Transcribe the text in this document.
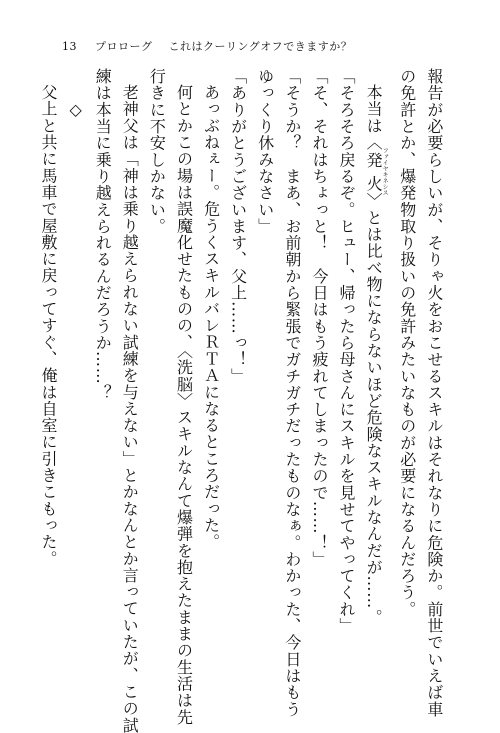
13 プロローグ これはクーリングオフできますか？
報告が必要らしいが、そりゃ火をおこせるスキルはそれなりに危険か。前世でいえば車
の免許とか、爆発物取り扱いの免許みたいなものが必要になるんだろう。
本当は〈発火ファイヤキネシス〉とは比べ物にならないほど危険なスキルなんだが……。
「そろそろ戻るぞ。ヒュー、帰ったら母さんにスキルを見せてやってくれ」
「そ、それはちょっと！　今日はもう疲れてしまったので……！」
「そうか？　まあ、お前朝から緊張でガチガチだったものなぁ。わかった、今日はもう
ゆっくり休みなさい」
「ありがとうございます、父上……っ！」
あっぶねぇー。危うくスキルバレＲＴＡになるところだった。
何とかこの場は誤魔化せたものの、〈洗脳〉スキルなんて爆弾を抱えたままの生活は先
行きに不安しかない。
老神父は「神は乗り越えられない試練を与えない」とかなんとか言っていたが、この試
練は本当に乗り越えられるんだろうか……？
◇
父上と共に馬車で屋敷に戻ってすぐ、俺は自室に引きこもった。
